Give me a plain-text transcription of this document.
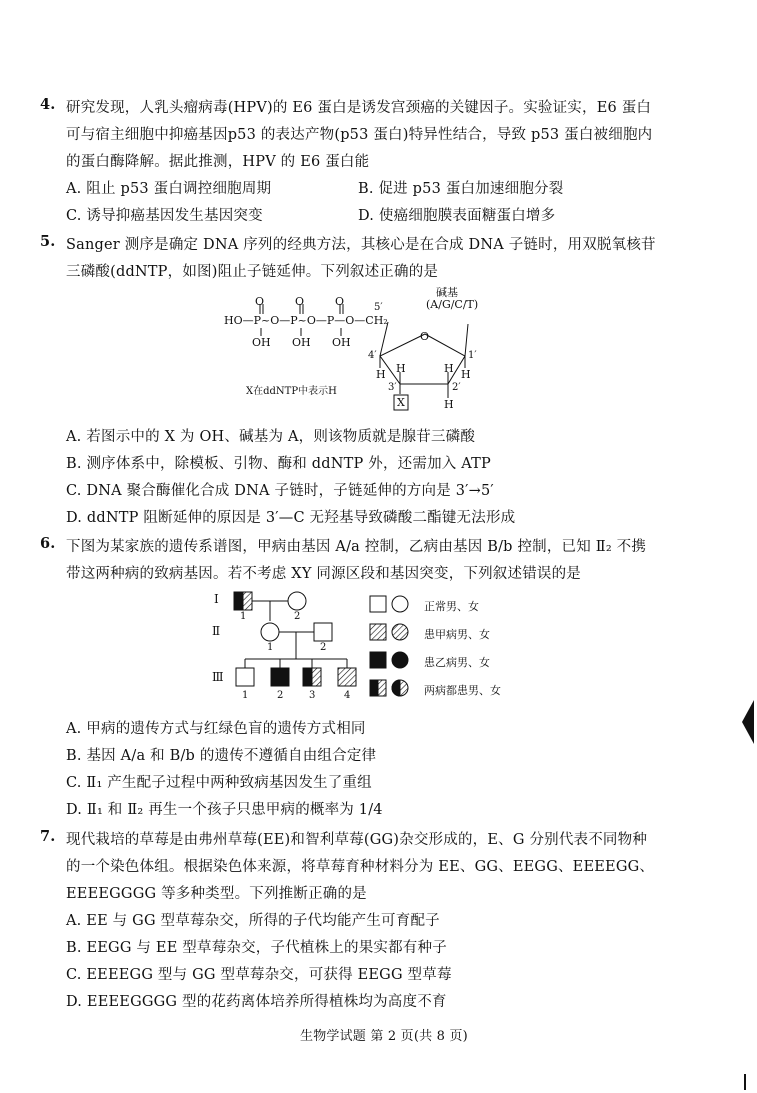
4. 研究发现，人乳头瘤病毒(HPV)的 E6 蛋白是诱发宫颈癌的关键因子。实验证实，E6 蛋白
可与宿主细胞中抑癌基因p53 的表达产物(p53 蛋白)特异性结合，导致 p53 蛋白被细胞内
的蛋白酶降解。据此推测，HPV 的 E6 蛋白能
A. 阻止 p53 蛋白调控细胞周期	B. 促进 p53 蛋白加速细胞分裂
C. 诱导抑癌基因发生基因突变	D. 使癌细胞膜表面糖蛋白增多
5. Sanger 测序是确定 DNA 序列的经典方法，其核心是在合成 DNA 子链时，用双脱氧核苷
三磷酸(ddNTP，如图)阻止子链延伸。下列叙述正确的是
碱基
(A/G/C/T)
HO—P~O—P~O—P—O—CH₂
O	O	O
OH OH OH
5′
O
4′
H H	H H
1′
3′	2′
H
X
X在ddNTP中表示H
A. 若图示中的 X 为 OH、碱基为 A，则该物质就是腺苷三磷酸
B. 测序体系中，除模板、引物、酶和 ddNTP 外，还需加入 ATP
C. DNA 聚合酶催化合成 DNA 子链时，子链延伸的方向是 3′→5′
D. ddNTP 阻断延伸的原因是 3′—C 无羟基导致磷酸二酯键无法形成
6. 下图为某家族的遗传系谱图，甲病由基因 A/a 控制，乙病由基因 B/b 控制，已知 Ⅱ₂ 不携
带这两种病的致病基因。若不考虑 XY 同源区段和基因突变，下列叙述错误的是
Ⅰ
Ⅱ
Ⅲ
1	2
1	2
1	2	3	4
正常男、女
患甲病男、女
患乙病男、女
两病都患男、女
A. 甲病的遗传方式与红绿色盲的遗传方式相同
B. 基因 A/a 和 B/b 的遗传不遵循自由组合定律
C. Ⅱ₁ 产生配子过程中两种致病基因发生了重组
D. Ⅱ₁ 和 Ⅱ₂ 再生一个孩子只患甲病的概率为 1/4
7. 现代栽培的草莓是由弗州草莓(EE)和智利草莓(GG)杂交形成的，E、G 分别代表不同物种
的一个染色体组。根据染色体来源，将草莓育种材料分为 EE、GG、EEGG、EEEEGG、
EEEEGGGG 等多种类型。下列推断正确的是
A. EE 与 GG 型草莓杂交，所得的子代均能产生可育配子
B. EEGG 与 EE 型草莓杂交，子代植株上的果实都有种子
C. EEEEGG 型与 GG 型草莓杂交，可获得 EEGG 型草莓
D. EEEEGGGG 型的花药离体培养所得植株均为高度不育
生物学试题 第 2 页(共 8 页)
